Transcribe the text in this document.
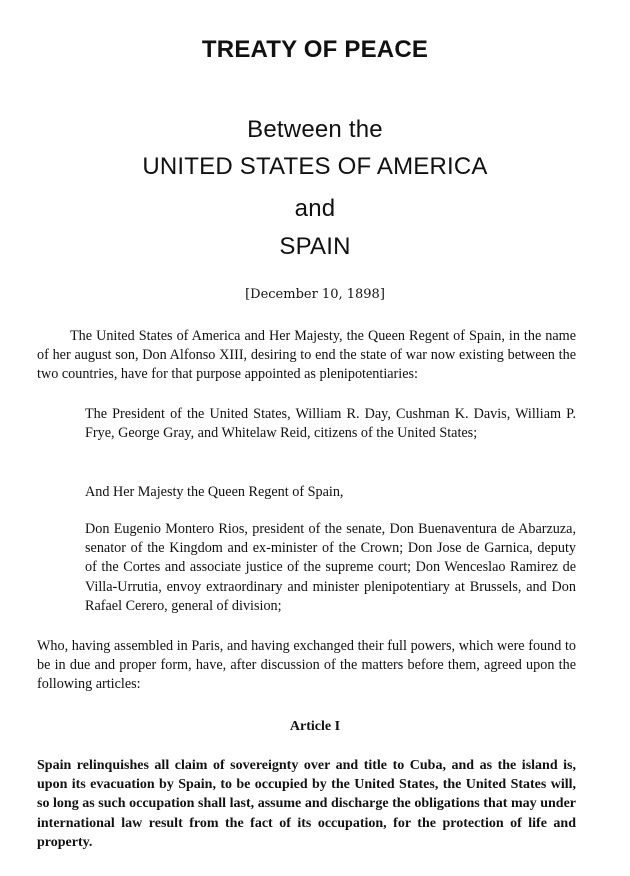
TREATY OF PEACE
Between the
UNITED STATES OF AMERICA
and
SPAIN
[December 10, 1898]

The United States of America and Her Majesty, the Queen Regent of Spain, in the name of her august son, Don Alfonso XIII, desiring to end the state of war now existing between the two countries, have for that purpose appointed as plenipotentiaries:

The President of the United States, William R. Day, Cushman K. Davis, William P. Frye, George Gray, and Whitelaw Reid, citizens of the United States;

And Her Majesty the Queen Regent of Spain,

Don Eugenio Montero Rios, president of the senate, Don Buenaventura de Abarzuza, senator of the Kingdom and ex-minister of the Crown; Don Jose de Garnica, deputy of the Cortes and associate justice of the supreme court; Don Wenceslao Ramirez de Villa-Urrutia, envoy extraordinary and minister plenipotentiary at Brussels, and Don Rafael Cerero, general of division;

Who, having assembled in Paris, and having exchanged their full powers, which were found to be in due and proper form, have, after discussion of the matters before them, agreed upon the following articles:

Article I

Spain relinquishes all claim of sovereignty over and title to Cuba, and as the island is, upon its evacuation by Spain, to be occupied by the United States, the United States will, so long as such occupation shall last, assume and discharge the obligations that may under international law result from the fact of its occupation, for the protection of life and property.
